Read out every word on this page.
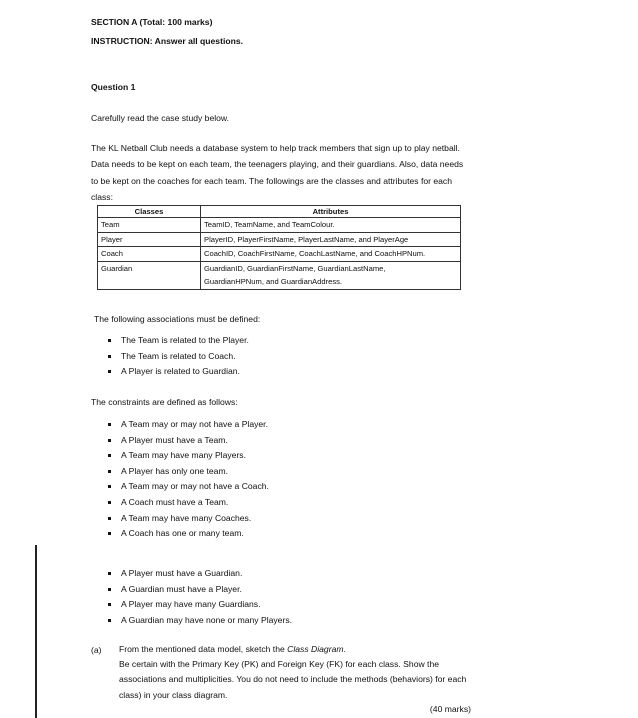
SECTION A (Total: 100 marks)
INSTRUCTION: Answer all questions.
Question 1
Carefully read the case study below.
The KL Netball Club needs a database system to help track members that sign up to play netball.
Data needs to be kept on each team, the teenagers playing, and their guardians. Also, data needs
to be kept on the coaches for each team. The followings are the classes and attributes for each
class:
Classes	Attributes
Team	TeamID, TeamName, and TeamColour.
Player	PlayerID, PlayerFirstName, PlayerLastName, and PlayerAge
Coach	CoachID, CoachFirstName, CoachLastName, and CoachHPNum.
Guardian	GuardianID, GuardianFirstName, GuardianLastName,
GuardianHPNum, and GuardianAddress.
The following associations must be defined:
The Team is related to the Player.
The Team is related to Coach.
A Player is related to Guardian.
The constraints are defined as follows:
A Team may or may not have a Player.
A Player must have a Team.
A Team may have many Players.
A Player has only one team.
A Team may or may not have a Coach.
A Coach must have a Team.
A Team may have many Coaches.
A Coach has one or many team.
A Player must have a Guardian.
A Guardian must have a Player.
A Player may have many Guardians.
A Guardian may have none or many Players.
(a) From the mentioned data model, sketch the Class Diagram.
Be certain with the Primary Key (PK) and Foreign Key (FK) for each class. Show the
associations and multiplicities. You do not need to include the methods (behaviors) for each
class) in your class diagram.
(40 marks)
